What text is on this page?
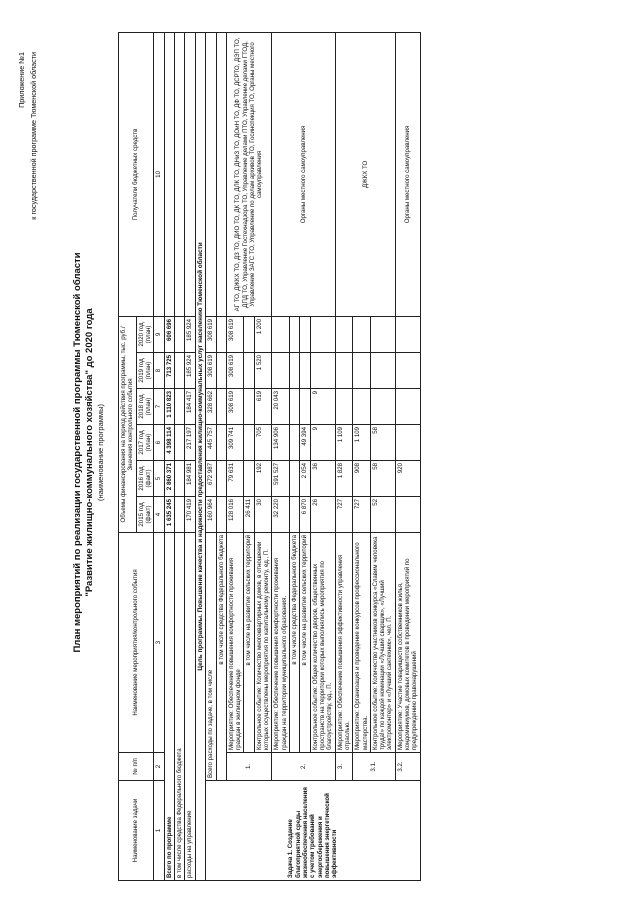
Приложение №1 к государственной программе Тюменской области
План мероприятий по реализации государственной программы Тюменской области "Развитие жилищно-коммунального хозяйства" до 2020 года (наименование программы)
Наименование задачи	№ п/п	Наименование мероприятия/контрольного события	Объемы финансирования на период действия программы, тыс. руб./Значения контрольного события						Получатели бюджетных средств
			2015 год (факт)	2016 год (факт)	2017 год (план)	2018 год (план)	2019 год (план)	2020 год (план)	
1	2	3	4	5	6	7	8	9	10
Всего по программе			1 635 245	2 860 371	4 398 114	1 110 823	713 725	606 696	
в том числе средства Федерального бюджета									
расходы на управление			170 419	184 981	217 197	184 417	185 924	185 924	
Цель программы. Повышение качества и надежности предоставления жилищно-коммунальных услуг населению Тюменской области									
Задача 1. Создание благоприятной среды жизнеобеспечения населения с учетом требований энергосбережения и повышения энергетической эффективности	Всего расходы по задаче, в том числе		160 964	672 987	445 757	328 662	308 619	308 619	
	в том числе средства Федерального бюджета								
	1.	Мероприятие: Обеспечение повышения комфортности проживания граждан в жилищном фонде	128 016	79 631	309 741	308 619	308 619	308 619	АГ ТО, ДЖКХ ТО, ДЗ ТО, ДИО ТО, ДК ТО, ДЛК ТО, ДНиЗ ТО, ДОиН ТО, ДФ ТО, ДСРТО, ДЭП ТО, ДПД ТО, Управление Гостехнадзора ТО, Управление делами ПТО, Управление делами ГТОД, Управление ЗАГС ТО, Управление по делам архивов ТО, Госинспекция ТО, Органы местного самоуправления
		в том числе на развитие сельских территорий	26 411						
		Контрольное событие: Количество многоквартирных домов, в отношении которых осуществлены мероприятия по капитальному ремонту, ед., П.	30	192	705	619	1 520	1 200	
	2.	Мероприятие: Обеспечение повышения комфортности проживания граждан на территории муниципального образования.	32 220	591 527	134 906	20 043			Органы местного самоуправления
		в том числе средства Федерального бюджета							
		в том числе на развитие сельских территорий	6 870	2 054	49 394				
		Контрольное событие: Общее количество дворов, общественных пространств на территории которых выполнялись мероприятия по благоустройству, ед., П.	26	36	9	9			
	3.	Мероприятие: Обеспечение повышения эффективности управления отраслью.	727	1 828	1 109				ДЖКХ ТО
	3.1.	Мероприятие: Организация и проведение конкурсов профессионального мастерства.	727	908	1 109				
		Контрольное событие: Количество участников конкурса «Славим человека труда!» по каждой номинации «Лучший сварщик», «Лучший электромонтер» и «Лучший сантехник», чел. П.	52	58	58				
	3.2.	Мероприятие: Участие товариществ собственников жилья, кондоминиумов, домовых комитетов в проведении мероприятий по предупреждению правонарушений		920					Органы местного самоуправления
